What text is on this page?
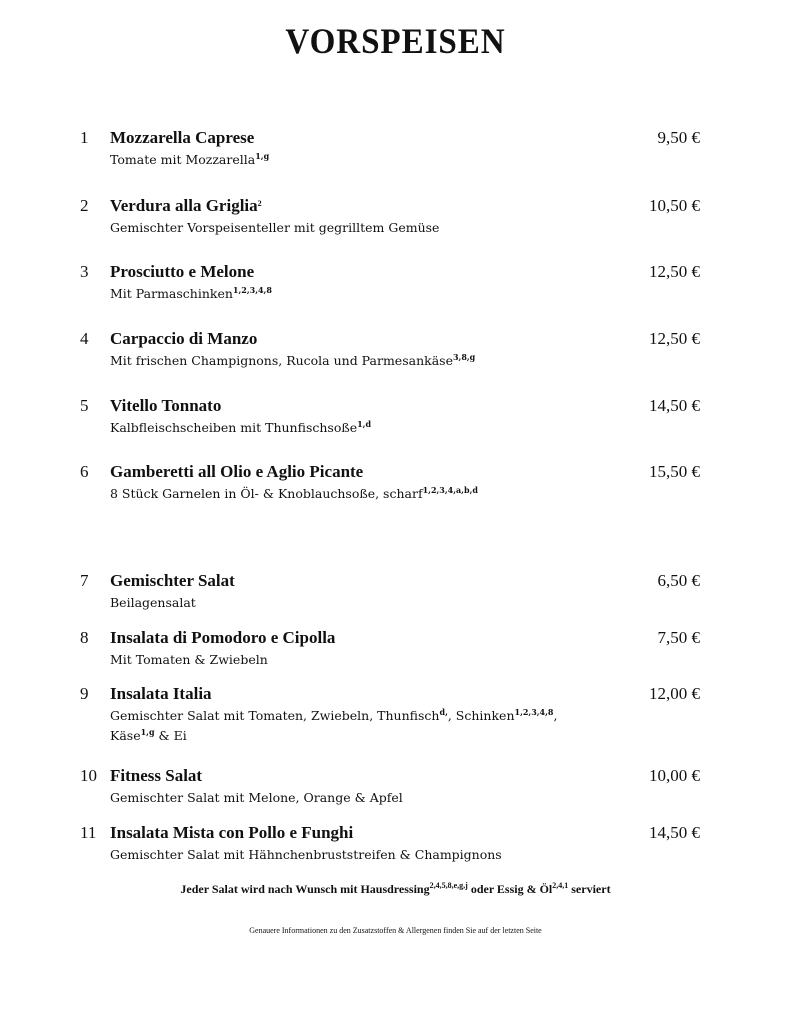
VORSPEISEN
1 Mozzarella Caprese	9,50 €
Tomate mit Mozzarella$^{1,g}$
2 Verdura alla Griglia$^2$	10,50 €
Gemischter Vorspeisenteller mit gegrilltem Gemüse
3 Prosciutto e Melone	12,50 €
Mit Parmaschinken$^{1,2,3,4,8}$
4 Carpaccio di Manzo	12,50 €
Mit frischen Champignons, Rucola und Parmesankäse$^{3,8,g}$
5 Vitello Tonnato	14,50 €
Kalbfleischscheiben mit Thunfischsoße$^{1,d}$
6 Gamberetti all Olio e Aglio Picante	15,50 €
8 Stück Garnelen in Öl- & Knoblauchsoße, scharf$^{1,2,3,4,a,b,d}$
7 Gemischter Salat	6,50 €
Beilagensalat
8 Insalata di Pomodoro e Cipolla	7,50 €
Mit Tomaten & Zwiebeln
9 Insalata Italia	12,00 €
Gemischter Salat mit Tomaten, Zwiebeln, Thunfisch$^{d,}$, Schinken$^{1,2,3,4,8}$,
Käse$^{1,g}$ & Ei
10 Fitness Salat	10,00 €
Gemischter Salat mit Melone, Orange & Apfel
11 Insalata Mista con Pollo e Funghi	14,50 €
Gemischter Salat mit Hähnchenbruststreifen & Champignons
Jeder Salat wird nach Wunsch mit Hausdressing$^{2,4,5,8,e,g,j}$ oder Essig & Öl$^{2,4,1}$ serviert
Genauere Informationen zu den Zusatzstoffen & Allergenen finden Sie auf der letzten Seite
